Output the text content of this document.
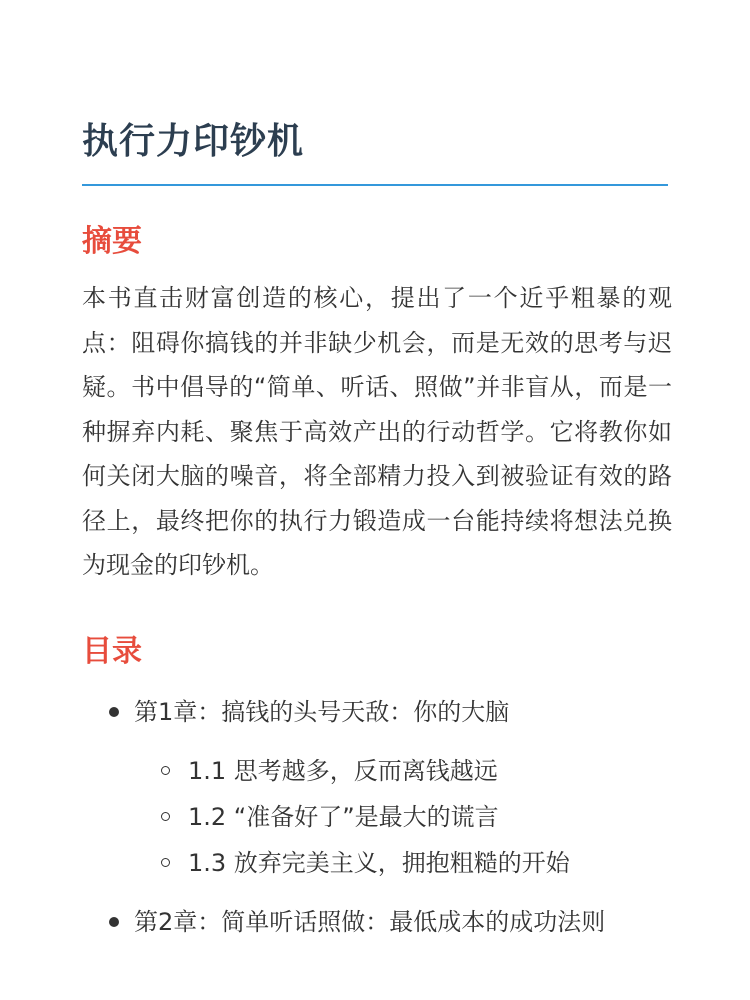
执行力印钞机
摘要

本书直击财富创造的核心，提出了一个近乎粗暴的观点：阻碍你搞钱的并非缺少机会，而是无效的思考与迟疑。书中倡导的“简单、听话、照做”并非盲从，而是一种摒弃内耗、聚焦于高效产出的行动哲学。它将教你如何关闭大脑的噪音，将全部精力投入到被验证有效的路径上，最终把你的执行力锻造成一台能持续将想法兑换为现金的印钞机。

目录
第1章：搞钱的头号天敌：你的大脑
1.1 思考越多，反而离钱越远
1.2 “准备好了”是最大的谎言
1.3 放弃完美主义，拥抱粗糙的开始
第2章：简单听话照做：最低成本的成功法则
